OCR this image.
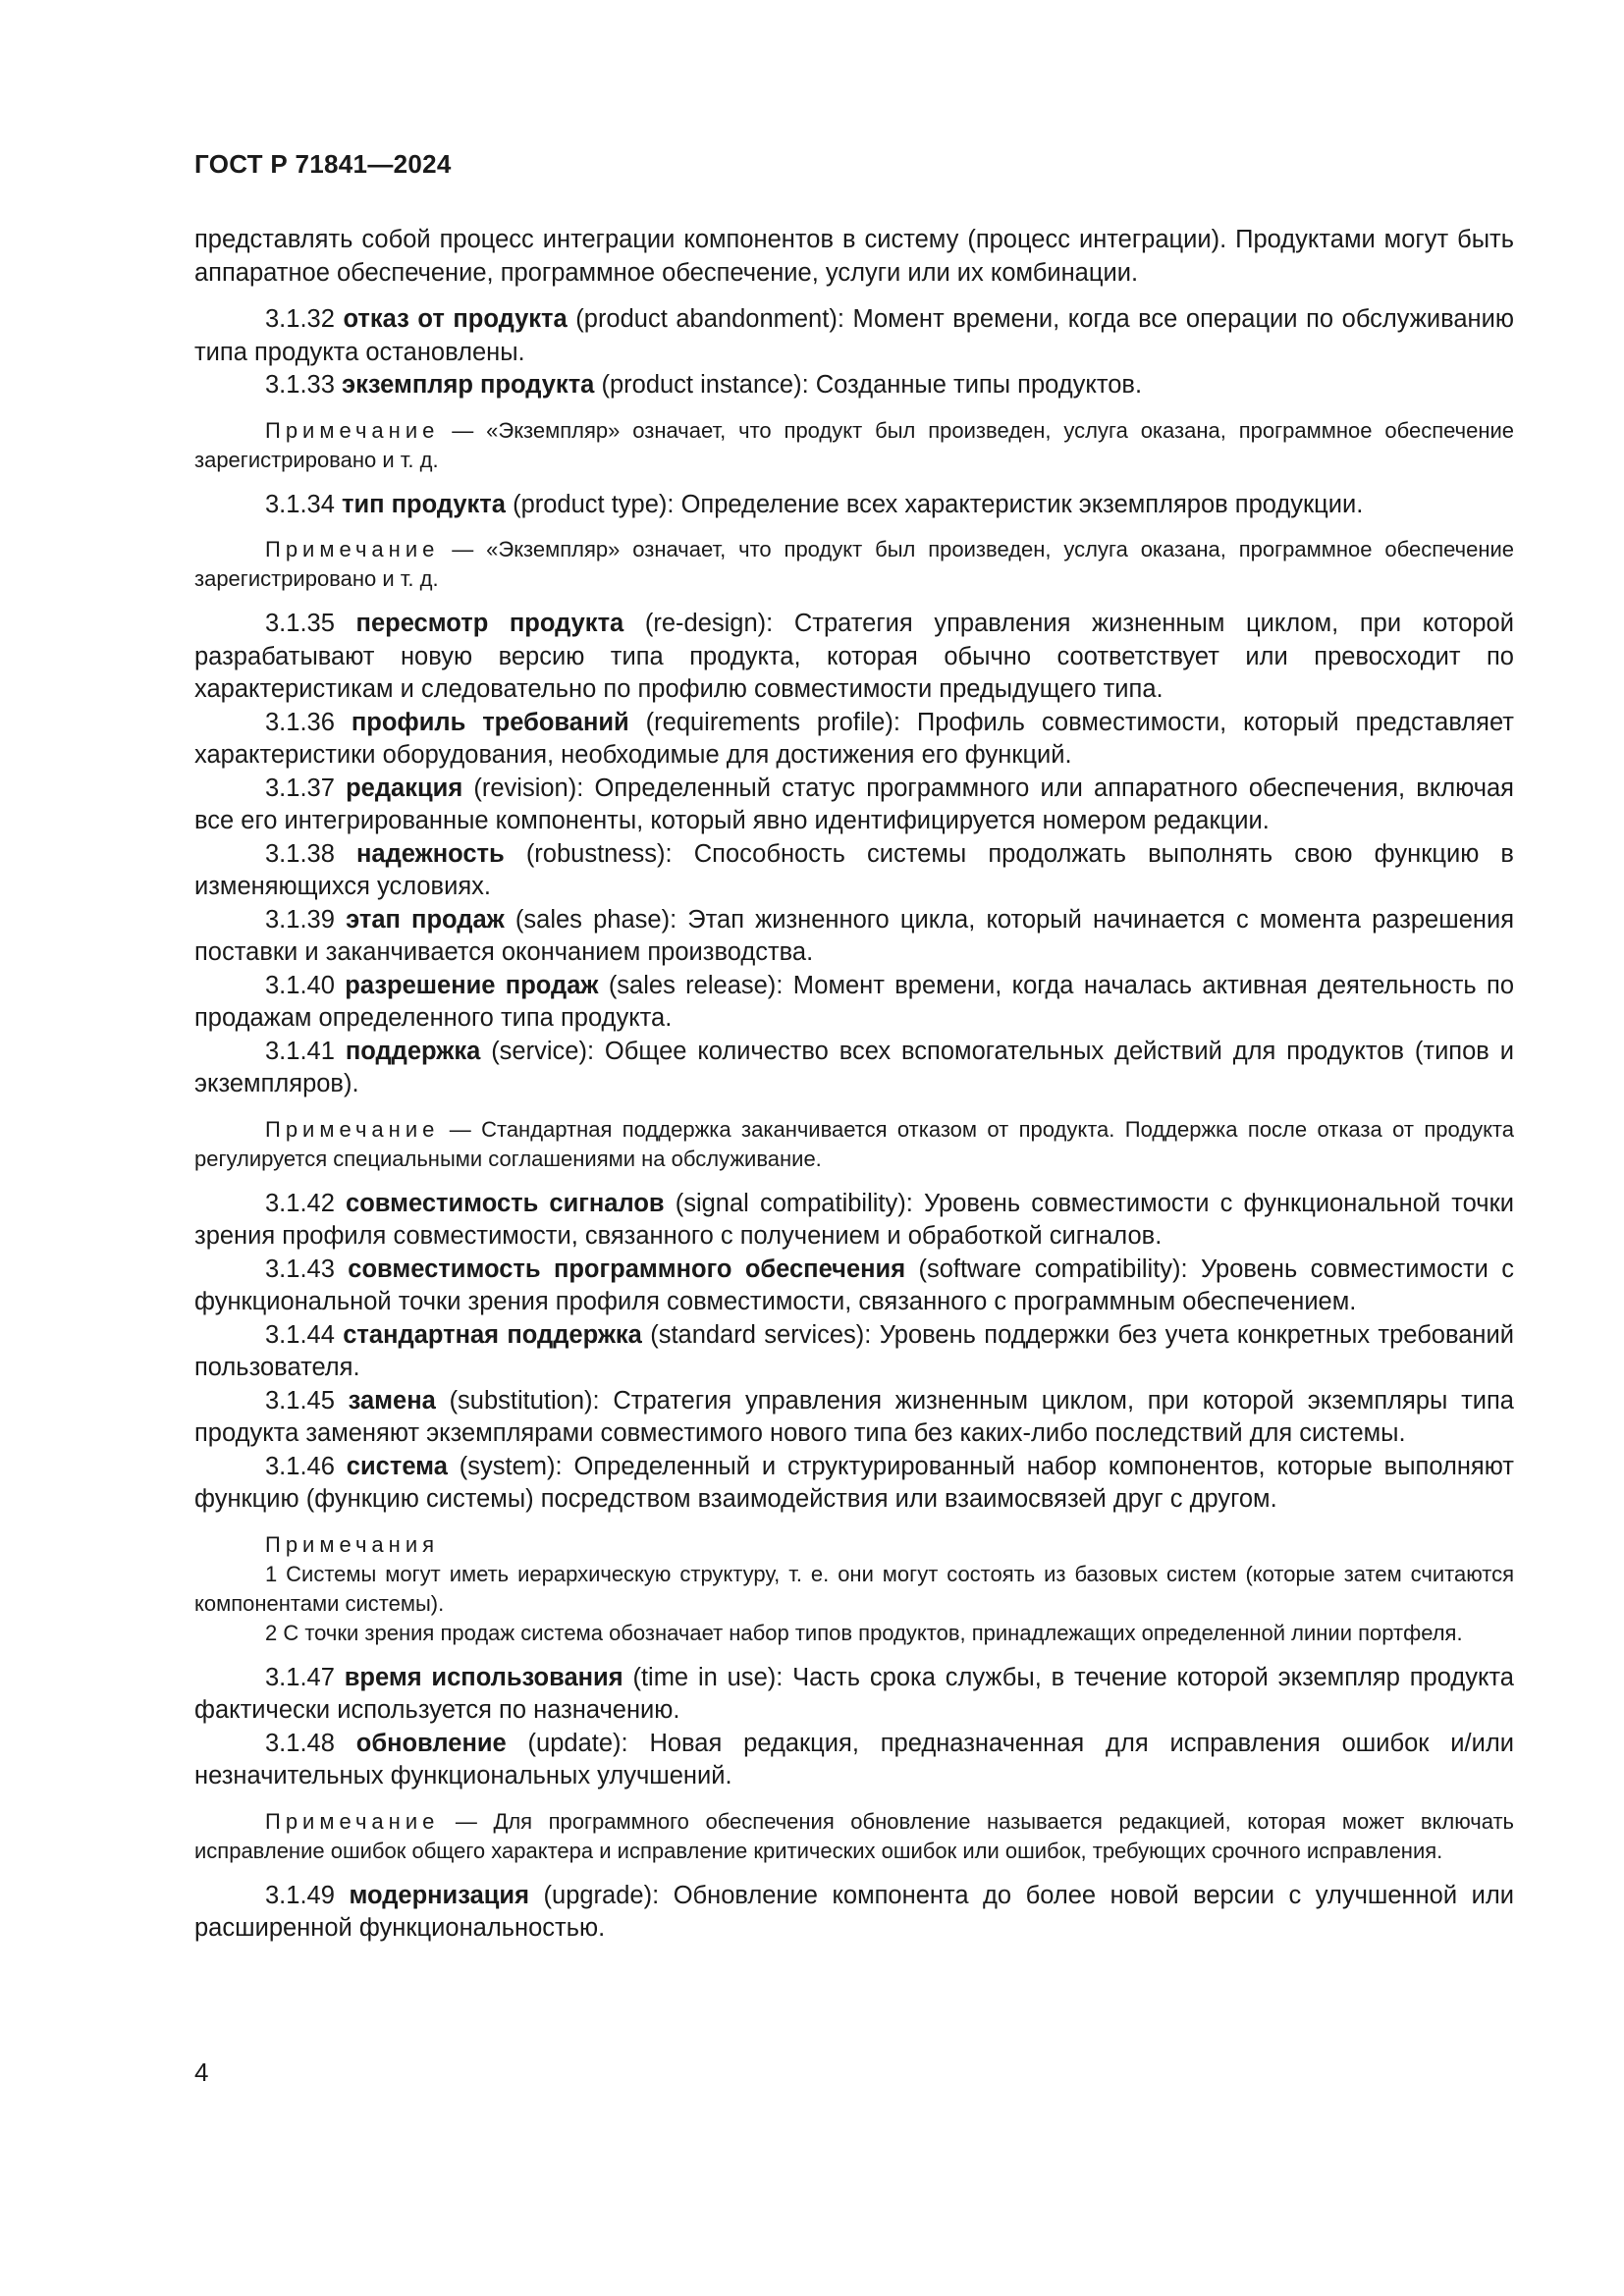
ГОСТ Р 71841—2024

представлять собой процесс интеграции компонентов в систему (процесс интеграции). Продуктами могут быть аппаратное обеспечение, программное обеспечение, услуги или их комбинации.

3.1.32 отказ от продукта (product abandonment): Момент времени, когда все операции по обслуживанию типа продукта остановлены.

3.1.33 экземпляр продукта (product instance): Созданные типы продуктов.

Примечание — «Экземпляр» означает, что продукт был произведен, услуга оказана, программное обеспечение зарегистрировано и т. д.

3.1.34 тип продукта (product type): Определение всех характеристик экземпляров продукции.

Примечание — «Экземпляр» означает, что продукт был произведен, услуга оказана, программное обеспечение зарегистрировано и т. д.

3.1.35 пересмотр продукта (re-design): Стратегия управления жизненным циклом, при которой разрабатывают новую версию типа продукта, которая обычно соответствует или превосходит по характеристикам и следовательно по профилю совместимости предыдущего типа.

3.1.36 профиль требований (requirements profile): Профиль совместимости, который представляет характеристики оборудования, необходимые для достижения его функций.

3.1.37 редакция (revision): Определенный статус программного или аппаратного обеспечения, включая все его интегрированные компоненты, который явно идентифицируется номером редакции.

3.1.38 надежность (robustness): Способность системы продолжать выполнять свою функцию в изменяющихся условиях.

3.1.39 этап продаж (sales phase): Этап жизненного цикла, который начинается с момента разрешения поставки и заканчивается окончанием производства.

3.1.40 разрешение продаж (sales release): Момент времени, когда началась активная деятельность по продажам определенного типа продукта.

3.1.41 поддержка (service): Общее количество всех вспомогательных действий для продуктов (типов и экземпляров).

Примечание — Стандартная поддержка заканчивается отказом от продукта. Поддержка после отказа от продукта регулируется специальными соглашениями на обслуживание.

3.1.42 совместимость сигналов (signal compatibility): Уровень совместимости с функциональной точки зрения профиля совместимости, связанного с получением и обработкой сигналов.

3.1.43 совместимость программного обеспечения (software compatibility): Уровень совместимости с функциональной точки зрения профиля совместимости, связанного с программным обеспечением.

3.1.44 стандартная поддержка (standard services): Уровень поддержки без учета конкретных требований пользователя.

3.1.45 замена (substitution): Стратегия управления жизненным циклом, при которой экземпляры типа продукта заменяют экземплярами совместимого нового типа без каких-либо последствий для системы.

3.1.46 система (system): Определенный и структурированный набор компонентов, которые выполняют функцию (функцию системы) посредством взаимодействия или взаимосвязей друг с другом.

Примечания

1 Системы могут иметь иерархическую структуру, т. е. они могут состоять из базовых систем (которые затем считаются компонентами системы).

2 С точки зрения продаж система обозначает набор типов продуктов, принадлежащих определенной линии портфеля.

3.1.47 время использования (time in use): Часть срока службы, в течение которой экземпляр продукта фактически используется по назначению.

3.1.48 обновление (update): Новая редакция, предназначенная для исправления ошибок и/или незначительных функциональных улучшений.

Примечание — Для программного обеспечения обновление называется редакцией, которая может включать исправление ошибок общего характера и исправление критических ошибок или ошибок, требующих срочного исправления.

3.1.49 модернизация (upgrade): Обновление компонента до более новой версии с улучшенной или расширенной функциональностью.

4
